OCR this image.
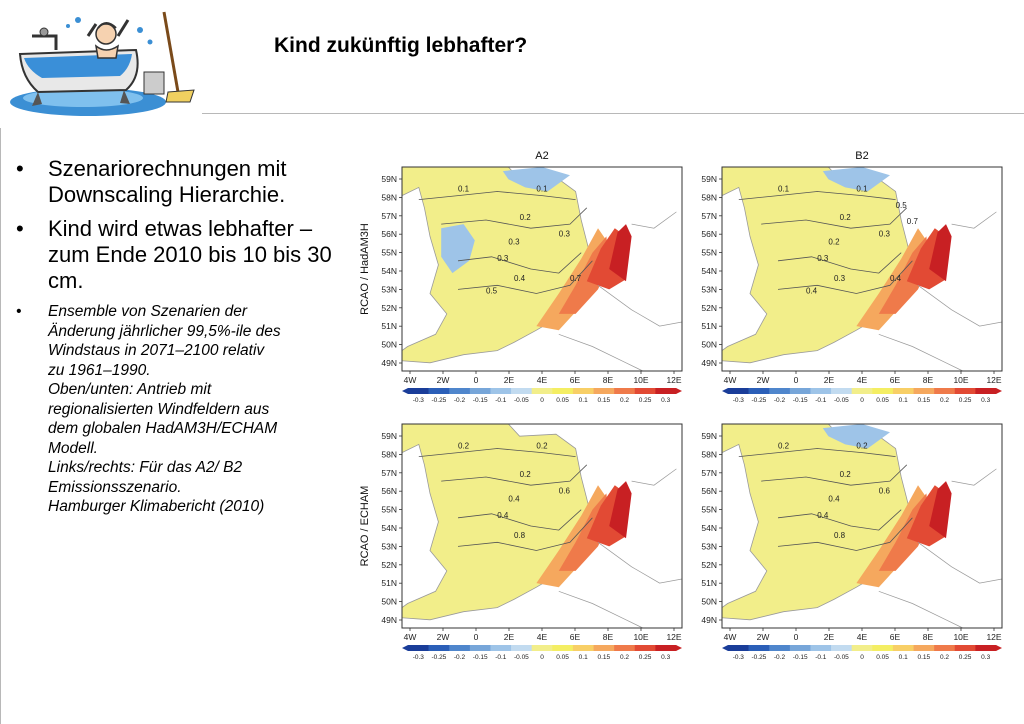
Kind zukünftig lebhafter?
• Szenariorechnungen mit Downscaling Hierarchie.
• Kind wird etwas lebhafter – zum Ende 2010 bis 10 bis 30 cm.
• Ensemble von Szenarien der
Änderung jährlicher 99,5%-ile des
Windstaus in 2071–2100 relativ
zu 1961–1990.
Oben/unten: Antrieb mit
regionalisierten Windfeldern aus
dem globalen HadAM3H/ECHAM
Modell.
Links/rechts: Für das A2/ B2
Emissionsszenario.
Hamburger Klimabericht (2010)
0.1	0.1
0.2
0.3
0.3
0.3
0.4
0.5
0.7
59N
58N
57N
56N
55N
54N
53N
52N
51N
50N
49N
4W 2W	0	2E	4E	6E	8E 10E 12E
A2
RCAO / HadAM3H
-0.3 -0.25 -0.2 -0.15 -0.1 -0.05 0 0.05 0.1 0.15 0.2 0.25 0.3
0.1	0.1
0.2
0.2
0.3
0.3
0.3
0.4
0.4
0.5
0.7
59N
58N
57N
56N
55N
54N
53N
52N
51N
50N
49N
4W 2W	0	2E	4E	6E	8E 10E 12E
B2
-0.3 -0.25 -0.2 -0.15 -0.1 -0.05 0 0.05 0.1 0.15 0.2 0.25 0.3
0.2	0.2
0.2
0.4
0.4
0.6
0.8
59N
58N
57N
56N
55N
54N
53N
52N
51N
50N
49N
4W 2W	0	2E	4E	6E	8E 10E 12E
RCAO / ECHAM
-0.3 -0.25 -0.2 -0.15 -0.1 -0.05 0 0.05 0.1 0.15 0.2 0.25 0.3
0.2	0.2
0.2
0.4
0.4
0.6
0.8
59N
58N
57N
56N
55N
54N
53N
52N
51N
50N
49N
4W 2W	0	2E	4E	6E	8E 10E 12E
-0.3 -0.25 -0.2 -0.15 -0.1 -0.05 0 0.05 0.1 0.15 0.2 0.25 0.3
